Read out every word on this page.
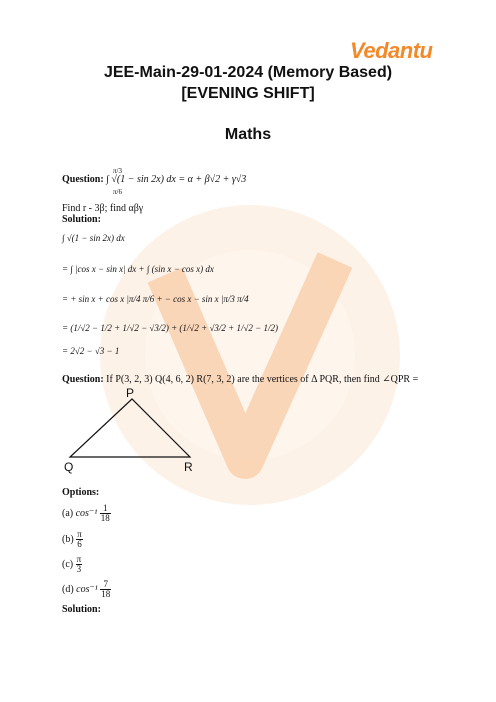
Vedantu
JEE-Main-29-01-2024 (Memory Based)
[EVENING SHIFT]
Maths
Question: ∫ √(1 − sin 2x) dx = α + β√2 + γ√3
π/3
π/6
Find r - 3β; find αβγ
Solution:
∫ √(1 − sin 2x) dx
= ∫ |cos x − sin x| dx + ∫ (sin x − cos x) dx
= + sin x + cos x |π/4 π/6 + − cos x − sin x |π/3 π/4
= (1/√2 − 1/2 + 1/√2 − √3/2) + (1/√2 + √3/2 + 1/√2 − 1/2)
= 2√2 − √3 − 1
Question: If P(3, 2, 3) Q(4, 6, 2) R(7, 3, 2) are the vertices of Δ PQR, then find ∠QPR =
P
Q	R
Options:
(a) $\cos^{-1} \frac{1}{18}$
$(b) \frac{\pi}{6}$
$(c) \frac{\pi}{3}$
(d) $\cos^{-1} \frac{7}{18}$
Solution:
